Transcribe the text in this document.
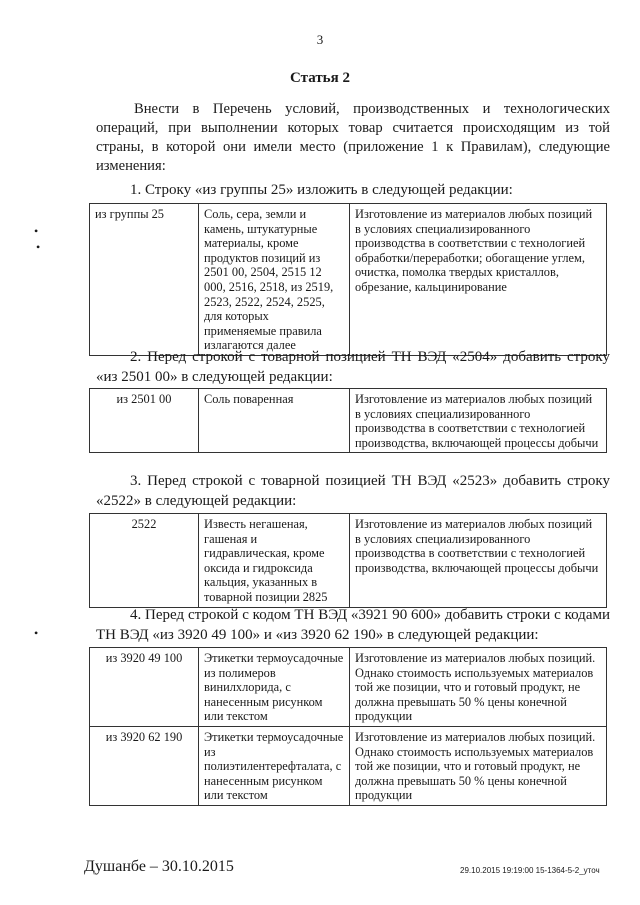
3
Статья 2
Внести в Перечень условий, производственных и технологических операций, при выполнении которых товар считается происходящим из той страны, в которой они имели место (приложение 1 к Правилам), следующие изменения:
•
•
•
1. Строку «из группы 25» изложить в следующей редакции:
из группы 25	Соль, сера, земли и камень, штукатурные материалы, кроме продуктов позиций из 2501 00, 2504, 2515 12 000, 2516, 2518, из 2519, 2523, 2522, 2524, 2525, для которых применяемые правила излагаются далее	Изготовление из материалов любых позиций в условиях специализированного производства в соответствии с технологией обработки/переработки; обогащение углем, очистка, помолка твердых кристаллов, обрезание, кальцинирование
2. Перед строкой с товарной позицией ТН ВЭД «2504» добавить строку «из 2501 00» в следующей редакции:
из 2501 00	Соль поваренная	Изготовление из материалов любых позиций в условиях специализированного производства в соответствии с технологией производства, включающей процессы добычи
3. Перед строкой с товарной позицией ТН ВЭД «2523» добавить строку «2522» в следующей редакции:
2522	Известь негашеная, гашеная и гидравлическая, кроме оксида и гидроксида кальция, указанных в товарной позиции 2825	Изготовление из материалов любых позиций в условиях специализированного производства в соответствии с технологией производства, включающей процессы добычи
4. Перед строкой с кодом ТН ВЭД «3921 90 600» добавить строки с кодами ТН ВЭД «из 3920 49 100» и «из 3920 62 190» в следующей редакции:
из 3920 49 100	Этикетки термоусадочные из полимеров винилхлорида, с нанесенным рисунком или текстом	Изготовление из материалов любых позиций. Однако стоимость используемых материалов той же позиции, что и готовый продукт, не должна превышать 50 % цены конечной продукции
из 3920 62 190	Этикетки термоусадочные из полиэтилентерефталата, с нанесенным рисунком или текстом	Изготовление из материалов любых позиций. Однако стоимость используемых материалов той же позиции, что и готовый продукт, не должна превышать 50 % цены конечной продукции
Душанбе – 30.10.2015	29.10.2015 19:19:00 15-1364-5-2_уточ
